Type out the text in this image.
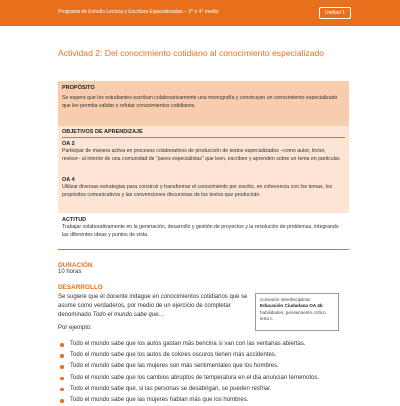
Programa de Estudio Lectura y Escritura Especializadas – 3° o 4° medio	Unidad 1
Actividad 2: Del conocimiento cotidiano al conocimiento especializado
PROPÓSITO
Se espera que los estudiantes escriban colaborativamente una monografía y construyan un conocimiento especializado que les permita validar o refutar conocimientos cotidianos.
OBJETIVOS DE APRENDIZAJE
OA 2
Participar de manera activa en procesos colaborativos de producción de textos especializados –como autor, lector, revisor– al interior de una comunidad de “pares especialistas” que leen, escriben y aprenden sobre un tema en particular.
OA 4
Utilizar diversas estrategias para construir y transformar el conocimiento por escrito, en coherencia con los temas, los propósitos comunicativos y las convenciones discursivas de los textos que producirán.
ACTITUD
Trabajar colaborativamente en la generación, desarrollo y gestión de proyectos y la resolución de problemas, integrando las diferentes ideas y puntos de vista.
DURACIÓN
10 horas
DESARROLLO
Se sugiere que el docente indague en conocimientos cotidianos que se asume como verdaderos, por medio de un ejercicio de completar denominado Todo el mundo sabe que…
Conexión interdisciplinar:
Educación Ciudadana OA 4b habilidades, pensamiento crítico letra c.
Por ejemplo:
Todo el mundo sabe que los autos gastan más bencina si van con las ventanas abiertas.
Todo el mundo sabe que los autos de colores oscuros tienen más accidentes.
Todo el mundo sabe que las mujeres son más sentimentales que los hombres.
Todo el mundo sabe que los cambios abruptos de temperatura en el día anuncian terremotos.
Todo el mundo sabe que, si las personas se desabrigan, se pueden resfriar.
Todo el mundo sabe que las mujeres hablan más que los hombres.
